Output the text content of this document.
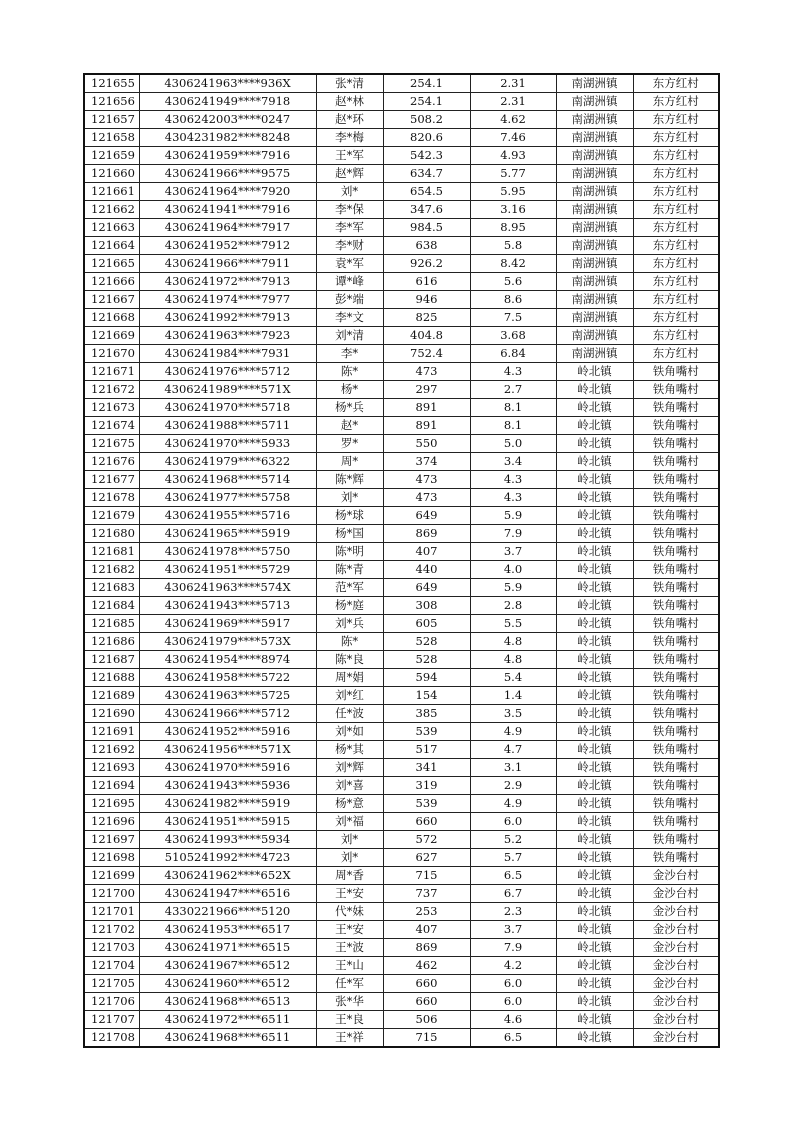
121655	4306241963****936X	张*清	254.1	2.31	南湖洲镇	东方红村
121656	4306241949****7918	赵*林	254.1	2.31	南湖洲镇	东方红村
121657	4306242003****0247	赵*环	508.2	4.62	南湖洲镇	东方红村
121658	4304231982****8248	李*梅	820.6	7.46	南湖洲镇	东方红村
121659	4306241959****7916	王*军	542.3	4.93	南湖洲镇	东方红村
121660	4306241966****9575	赵*辉	634.7	5.77	南湖洲镇	东方红村
121661	4306241964****7920	刘*	654.5	5.95	南湖洲镇	东方红村
121662	4306241941****7916	李*保	347.6	3.16	南湖洲镇	东方红村
121663	4306241964****7917	李*军	984.5	8.95	南湖洲镇	东方红村
121664	4306241952****7912	李*财	638	5.8	南湖洲镇	东方红村
121665	4306241966****7911	袁*军	926.2	8.42	南湖洲镇	东方红村
121666	4306241972****7913	谭*峰	616	5.6	南湖洲镇	东方红村
121667	4306241974****7977	彭*端	946	8.6	南湖洲镇	东方红村
121668	4306241992****7913	李*文	825	7.5	南湖洲镇	东方红村
121669	4306241963****7923	刘*清	404.8	3.68	南湖洲镇	东方红村
121670	4306241984****7931	李*	752.4	6.84	南湖洲镇	东方红村
121671	4306241976****5712	陈*	473	4.3	岭北镇	铁角嘴村
121672	4306241989****571X	杨*	297	2.7	岭北镇	铁角嘴村
121673	4306241970****5718	杨*兵	891	8.1	岭北镇	铁角嘴村
121674	4306241988****5711	赵*	891	8.1	岭北镇	铁角嘴村
121675	4306241970****5933	罗*	550	5.0	岭北镇	铁角嘴村
121676	4306241979****6322	周*	374	3.4	岭北镇	铁角嘴村
121677	4306241968****5714	陈*辉	473	4.3	岭北镇	铁角嘴村
121678	4306241977****5758	刘*	473	4.3	岭北镇	铁角嘴村
121679	4306241955****5716	杨*球	649	5.9	岭北镇	铁角嘴村
121680	4306241965****5919	杨*国	869	7.9	岭北镇	铁角嘴村
121681	4306241978****5750	陈*明	407	3.7	岭北镇	铁角嘴村
121682	4306241951****5729	陈*青	440	4.0	岭北镇	铁角嘴村
121683	4306241963****574X	范*军	649	5.9	岭北镇	铁角嘴村
121684	4306241943****5713	杨*庭	308	2.8	岭北镇	铁角嘴村
121685	4306241969****5917	刘*兵	605	5.5	岭北镇	铁角嘴村
121686	4306241979****573X	陈*	528	4.8	岭北镇	铁角嘴村
121687	4306241954****8974	陈*良	528	4.8	岭北镇	铁角嘴村
121688	4306241958****5722	周*娟	594	5.4	岭北镇	铁角嘴村
121689	4306241963****5725	刘*红	154	1.4	岭北镇	铁角嘴村
121690	4306241966****5712	任*波	385	3.5	岭北镇	铁角嘴村
121691	4306241952****5916	刘*如	539	4.9	岭北镇	铁角嘴村
121692	4306241956****571X	杨*其	517	4.7	岭北镇	铁角嘴村
121693	4306241970****5916	刘*辉	341	3.1	岭北镇	铁角嘴村
121694	4306241943****5936	刘*喜	319	2.9	岭北镇	铁角嘴村
121695	4306241982****5919	杨*意	539	4.9	岭北镇	铁角嘴村
121696	4306241951****5915	刘*福	660	6.0	岭北镇	铁角嘴村
121697	4306241993****5934	刘*	572	5.2	岭北镇	铁角嘴村
121698	5105241992****4723	刘*	627	5.7	岭北镇	铁角嘴村
121699	4306241962****652X	周*香	715	6.5	岭北镇	金沙台村
121700	4306241947****6516	王*安	737	6.7	岭北镇	金沙台村
121701	4330221966****5120	代*妹	253	2.3	岭北镇	金沙台村
121702	4306241953****6517	王*安	407	3.7	岭北镇	金沙台村
121703	4306241971****6515	王*波	869	7.9	岭北镇	金沙台村
121704	4306241967****6512	王*山	462	4.2	岭北镇	金沙台村
121705	4306241960****6512	任*军	660	6.0	岭北镇	金沙台村
121706	4306241968****6513	张*华	660	6.0	岭北镇	金沙台村
121707	4306241972****6511	王*良	506	4.6	岭北镇	金沙台村
121708	4306241968****6511	王*祥	715	6.5	岭北镇	金沙台村
